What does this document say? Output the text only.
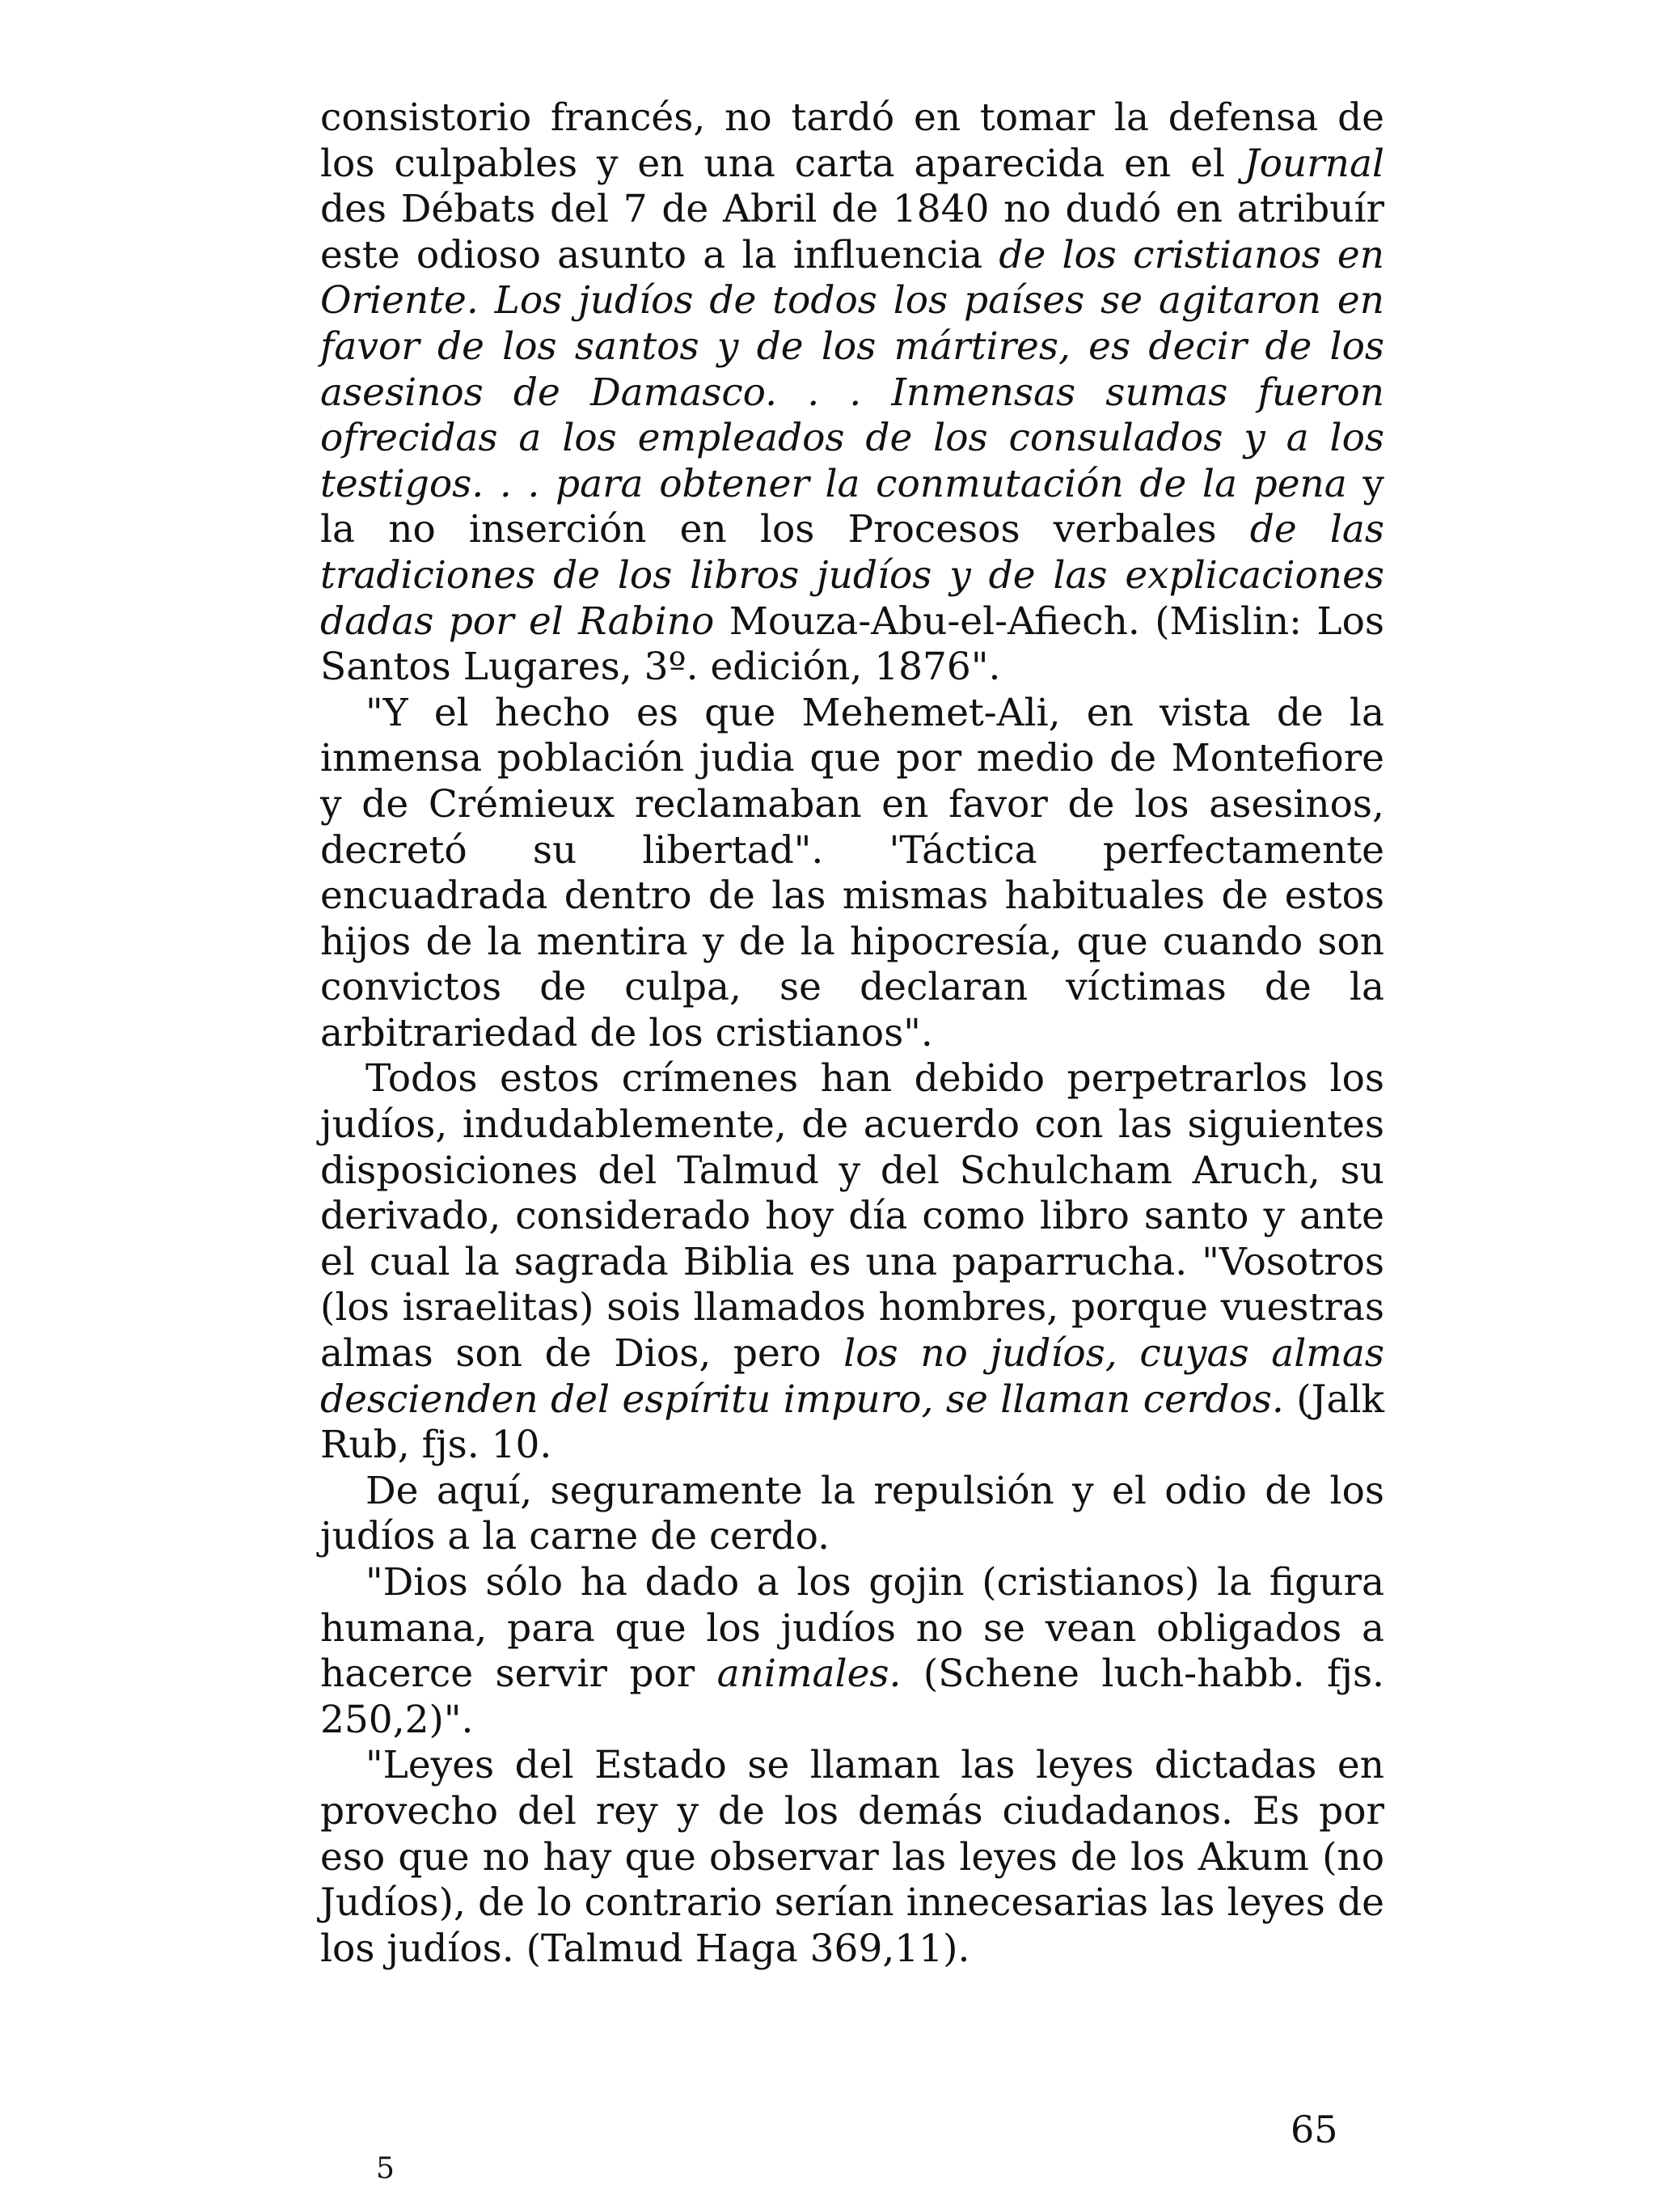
consistorio francés, no tardó en tomar la defensa de los culpables y en una carta aparecida en el Journal des Débats del 7 de Abril de 1840 no dudó en atribuír este odioso asunto a la influencia de los cristianos en Oriente. Los judíos de todos los países se agitaron en favor de los santos y de los mártires, es decir de los asesinos de Damasco. . . Inmensas sumas fueron ofrecidas a los empleados de los consulados y a los testigos. . . para obtener la conmutación de la pena y la no inserción en los Procesos verbales de las tradiciones de los libros judíos y de las explicaciones dadas por el Rabino Mouza-Abu-el-Afiech. (Mislin: Los Santos Lugares, 3º. edición, 1876".

"Y el hecho es que Mehemet-Ali, en vista de la inmensa población judia que por medio de Montefiore y de Crémieux reclamaban en favor de los asesinos, decretó su libertad". 'Táctica perfectamente encuadrada dentro de las mismas habituales de estos hijos de la mentira y de la hipocresía, que cuando son convictos de culpa, se declaran víctimas de la arbitrariedad de los cristianos".

Todos estos crímenes han debido perpetrarlos los judíos, indudablemente, de acuerdo con las siguientes disposiciones del Talmud y del Schulcham Aruch, su derivado, considerado hoy día como libro santo y ante el cual la sagrada Biblia es una paparrucha. "Vosotros (los israelitas) sois llamados hombres, porque vuestras almas son de Dios, pero los no judíos, cuyas almas descienden del espíritu impuro, se llaman cerdos. (Jalk Rub, fjs. 10.

De aquí, seguramente la repulsión y el odio de los judíos a la carne de cerdo.

"Dios sólo ha dado a los gojin (cristianos) la figura humana, para que los judíos no se vean obligados a hacerce servir por animales. (Schene luch-habb. fjs. 250,2)".

"Leyes del Estado se llaman las leyes dictadas en provecho del rey y de los demás ciudadanos. Es por eso que no hay que observar las leyes de los Akum (no Judíos), de lo contrario serían innecesarias las leyes de los judíos. (Talmud Haga 369,11).

65
5
